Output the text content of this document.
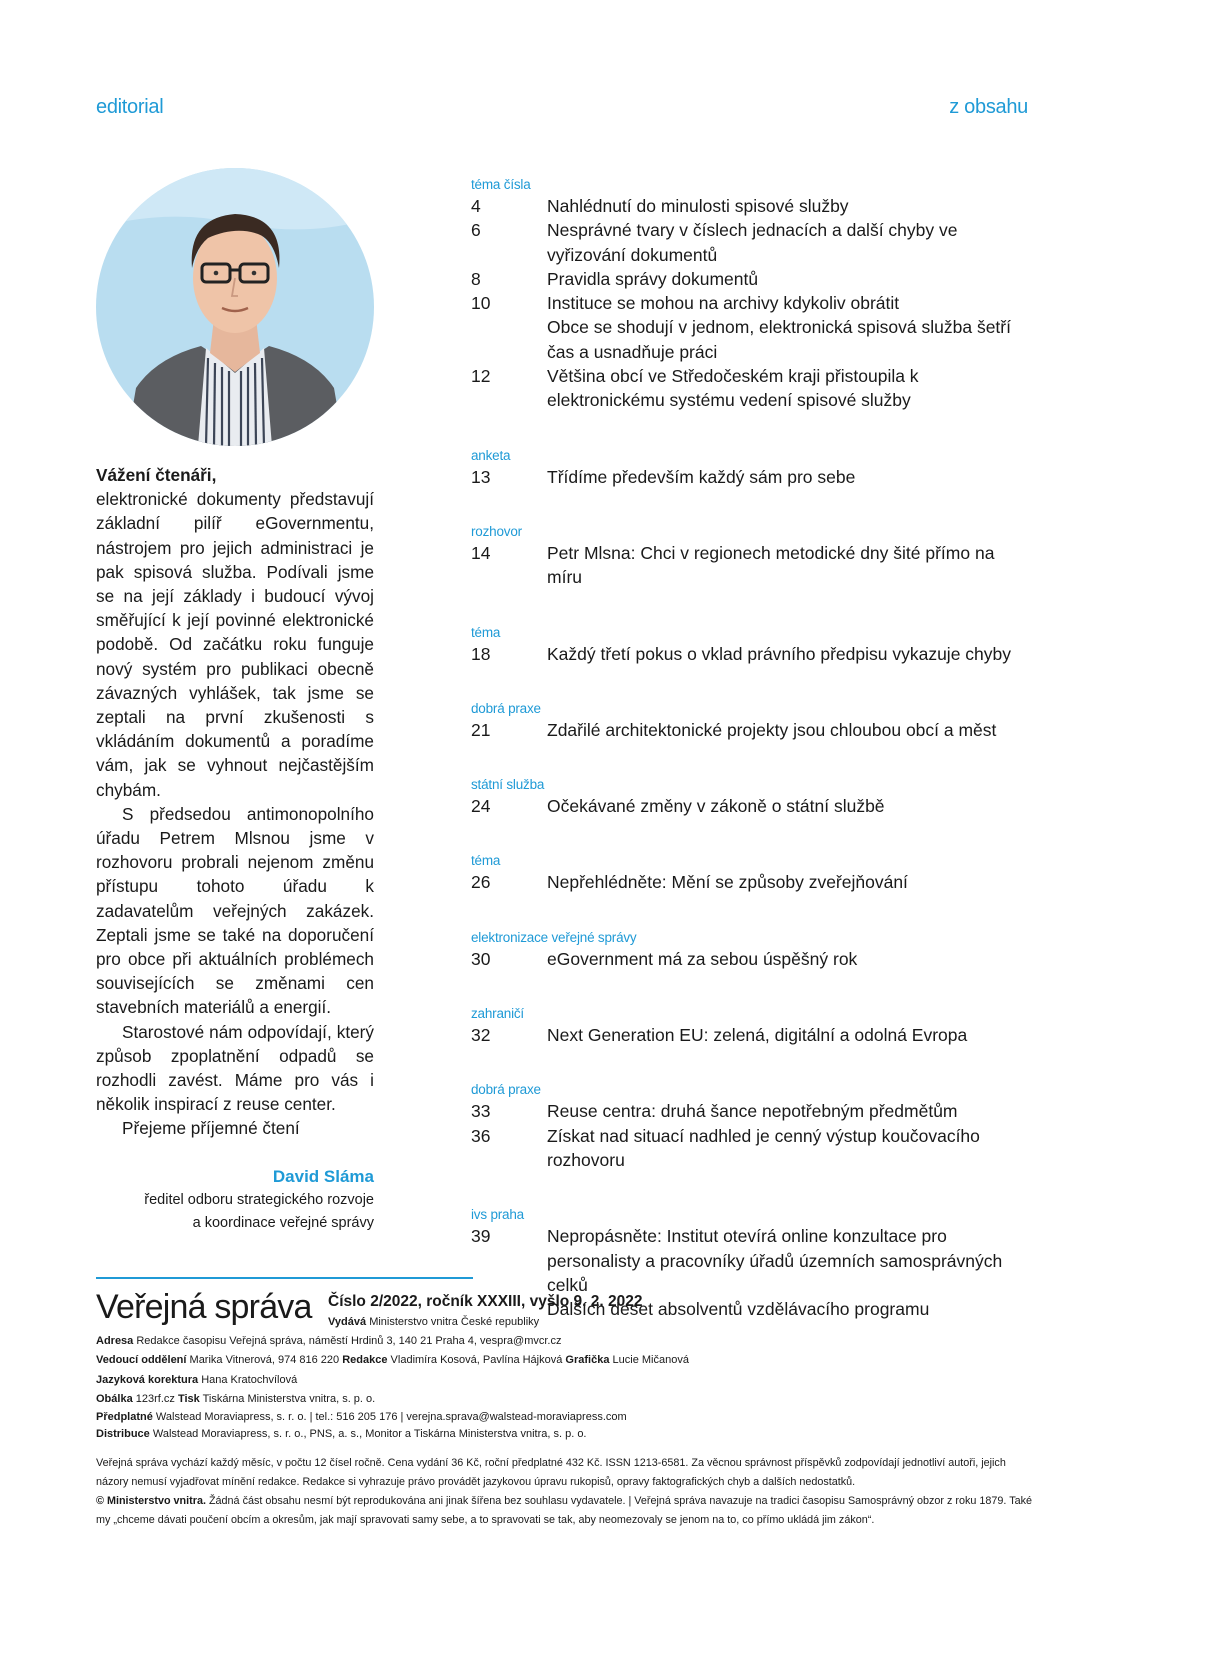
editorial	z obsahu
Vážení čtenáři,

elektronické dokumenty představují základní pilíř eGovernmentu, nástrojem pro jejich administraci je pak spisová služba. Podívali jsme se na její základy i budoucí vývoj směřující k její povinné elektronické podobě. Od začátku roku funguje nový systém pro publikaci obecně závazných vyhlášek, tak jsme se zeptali na první zkušenosti s vkládáním dokumentů a poradíme vám, jak se vyhnout nejčastějším chybám.

S předsedou antimonopolního úřadu Petrem Mlsnou jsme v rozhovoru probrali nejenom změnu přístupu tohoto úřadu k zadavatelům veřejných zakázek. Zeptali jsme se také na doporučení pro obce při aktuálních problémech souvisejících se změnami cen stavebních materiálů a energií.

Starostové nám odpovídají, který způsob zpoplatnění odpadů se rozhodli zavést. Máme pro vás i několik inspirací z reuse center.

Přejeme příjemné čtení

David Sláma
ředitel odboru strategického rozvoje
a koordinace veřejné správy
téma čísla
4	Nahlédnutí do minulosti spisové služby
6	Nesprávné tvary v číslech jednacích a další chyby ve vyřizování dokumentů
8	Pravidla správy dokumentů
10	Instituce se mohou na archivy kdykoliv obrátit
Obce se shodují v jednom, elektronická spisová služba šetří čas a usnadňuje práci
12	Většina obcí ve Středočeském kraji přistoupila k elektronickému systému vedení spisové služby
anketa
13	Třídíme především každý sám pro sebe
rozhovor
14	Petr Mlsna: Chci v regionech metodické dny šité přímo na míru
téma
18	Každý třetí pokus o vklad právního předpisu vykazuje chyby
dobrá praxe
21	Zdařilé architektonické projekty jsou chloubou obcí a měst
státní služba
24	Očekávané změny v zákoně o státní službě
téma
26	Nepřehlédněte: Mění se způsoby zveřejňování
elektronizace veřejné správy
30	eGovernment má za sebou úspěšný rok
zahraničí
32	Next Generation EU: zelená, digitální a odolná Evropa
dobrá praxe
33	Reuse centra: druhá šance nepotřebným předmětům
36	Získat nad situací nadhled je cenný výstup koučovacího rozhovoru
ivs praha
39	Nepropásněte: Institut otevírá online konzultace pro personalisty a pracovníky úřadů územních samosprávných celků
Dalších deset absolventů vzdělávacího programu
Veřejná správa Číslo 2/2022, ročník XXXIII, vyšlo 9. 2. 2022
Vydává Ministerstvo vnitra České republiky
Adresa Redakce časopisu Veřejná správa, náměstí Hrdinů 3, 140 21 Praha 4, vespra@mvcr.cz
Vedoucí oddělení Marika Vitnerová, 974 816 220 Redakce Vladimíra Kosová, Pavlína Hájková Grafička Lucie Mičanová
Jazyková korektura Hana Kratochvílová
Obálka 123rf.cz Tisk Tiskárna Ministerstva vnitra, s. p. o.
Předplatné Walstead Moraviapress, s. r. o. | tel.: 516 205 176 | verejna.sprava@walstead-moraviapress.com
Distribuce Walstead Moraviapress, s. r. o., PNS, a. s., Monitor a Tiskárna Ministerstva vnitra, s. p. o.

Veřejná správa vychází každý měsíc, v počtu 12 čísel ročně. Cena vydání 36 Kč, roční předplatné 432 Kč. ISSN 1213-6581. Za věcnou správnost příspěvků zodpovídají jednotliví autoři, jejich názory nemusí vyjadřovat mínění redakce. Redakce si vyhrazuje právo provádět jazykovou úpravu rukopisů, opravy faktografických chyb a dalších nedostatků.

© Ministerstvo vnitra. Žádná část obsahu nesmí být reprodukována ani jinak šířena bez souhlasu vydavatele. | Veřejná správa navazuje na tradici časopisu Samosprávný obzor z roku 1879. Také my „chceme dávati poučení obcím a okresům, jak mají spravovati samy sebe, a to spravovati se tak, aby neomezovaly se jenom na to, co přímo ukládá jim zákon“.
